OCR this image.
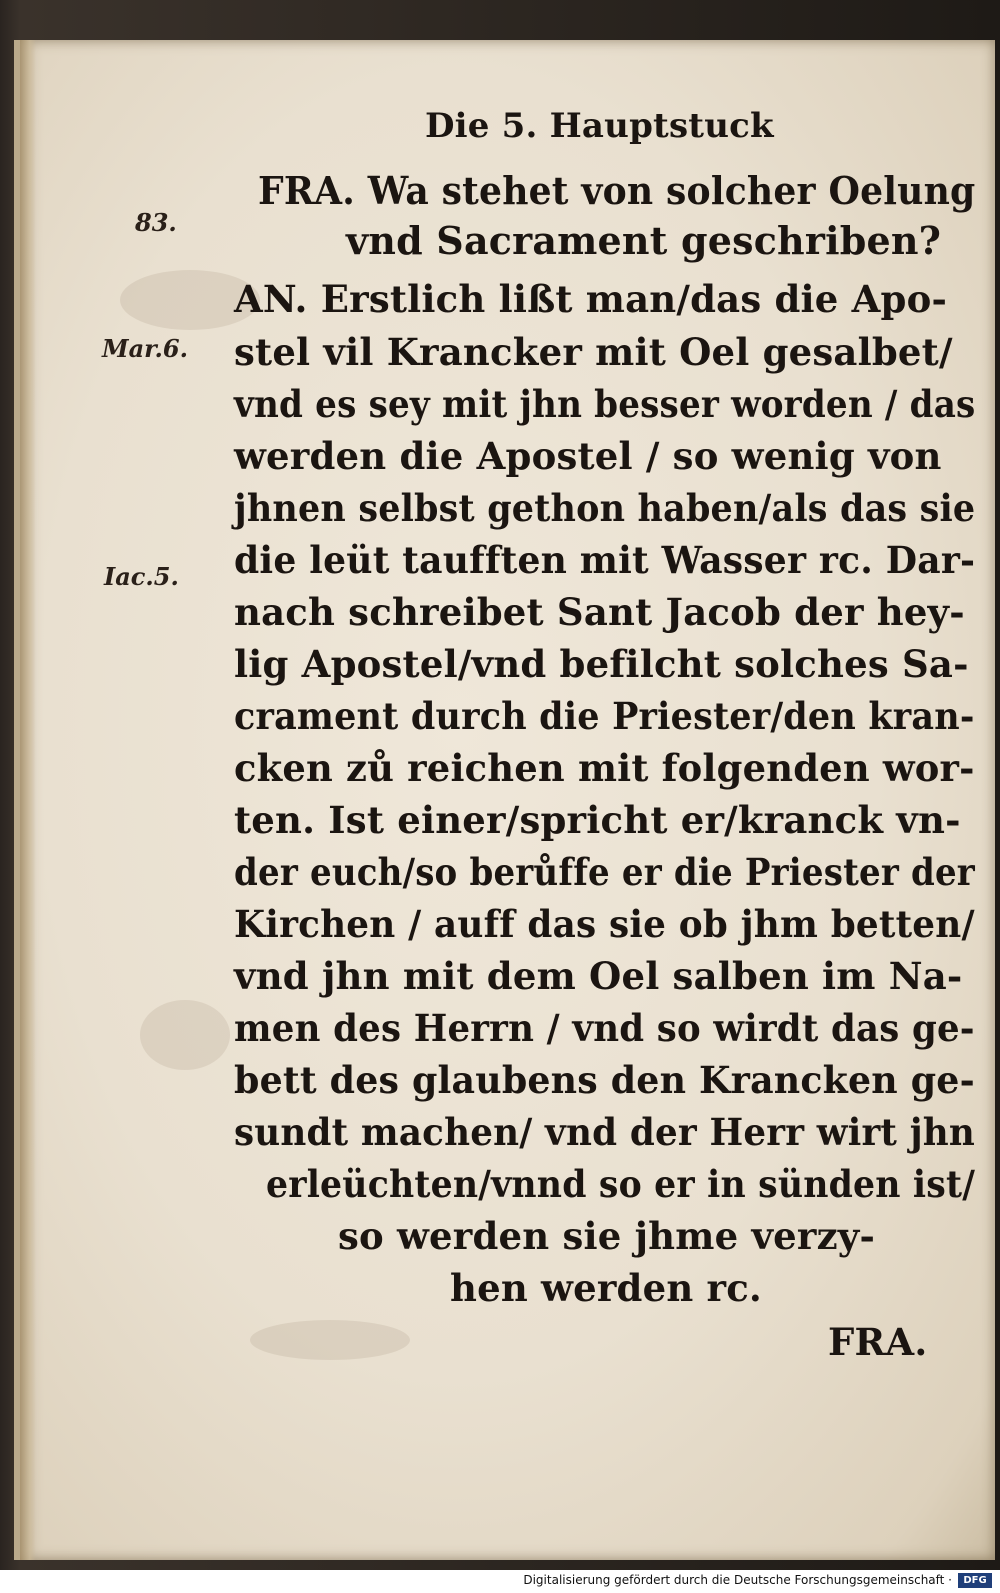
Die 5. Hauptstuck
83.
Mar.6.
Iac.5.
FRA. Wa stehet von solcher Oelung
vnd Sacrament geschriben?
AN. Erstlich lißt man/das die Apo-
stel vil Krancker mit Oel gesalbet/
vnd es sey mit jhn besser worden / das
werden die Apostel / so wenig von
jhnen selbst gethon haben/als das sie
die leüt taufften mit Wasser rc. Dar-
nach schreibet Sant Jacob der hey-
lig Apostel/vnd befilcht solches Sa-
crament durch die Priester/den kran-
cken zů reichen mit folgenden wor-
ten. Ist einer/spricht er/kranck vn-
der euch/so berůffe er die Priester der
Kirchen / auff das sie ob jhm betten/
vnd jhn mit dem Oel salben im Na-
men des Herrn / vnd so wirdt das ge-
bett des glaubens den Krancken ge-
sundt machen/ vnd der Herr wirt jhn
erleüchten/vnnd so er in sünden ist/
so werden sie jhme verzy-
hen werden rc.
FRA.
Digitalisierung gefördert durch die Deutsche Forschungsgemeinschaft ·	DFG
